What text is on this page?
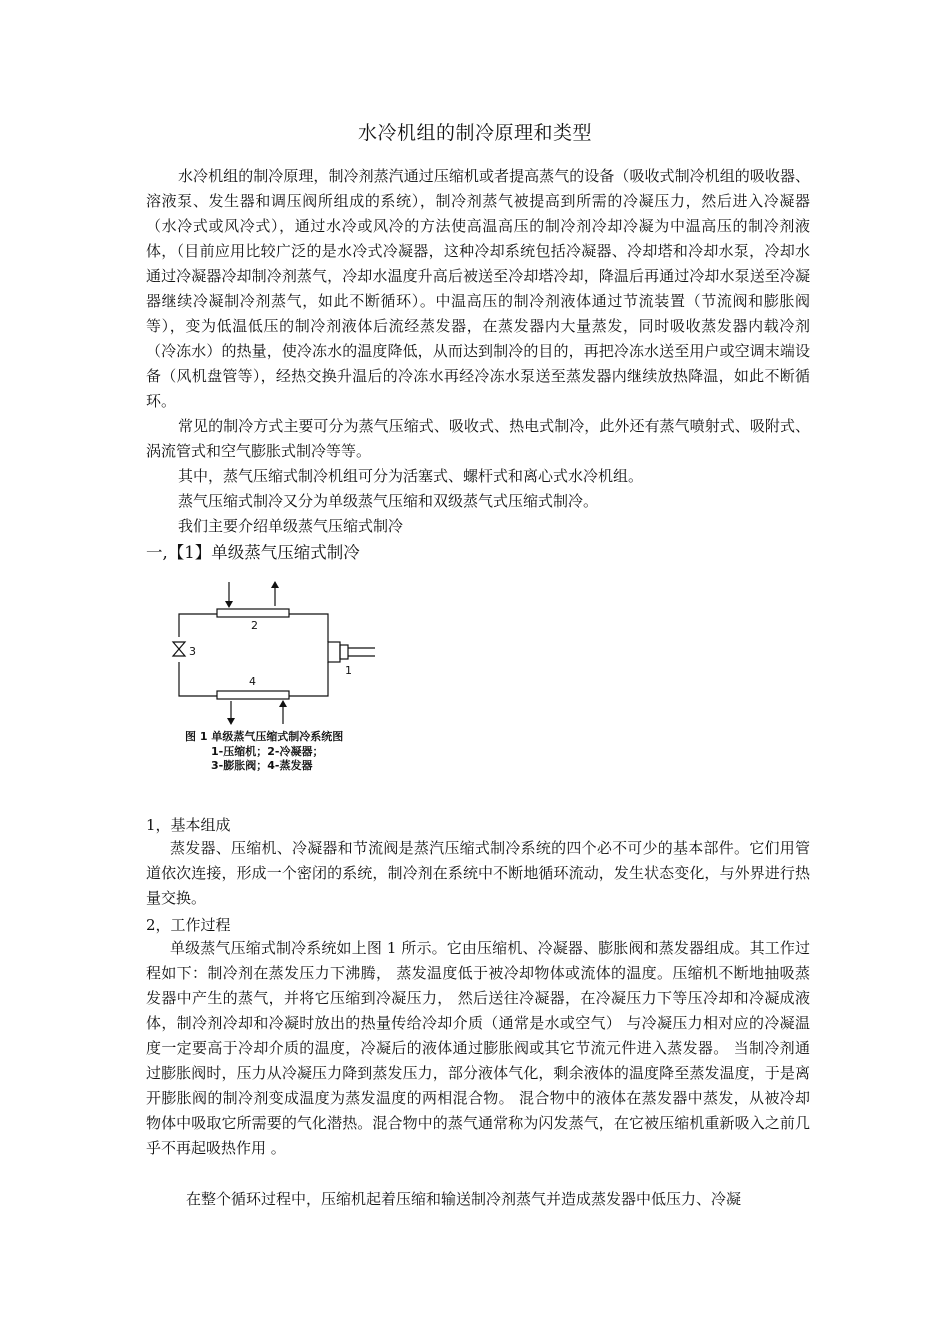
水冷机组的制冷原理和类型

水冷机组的制冷原理，制冷剂蒸汽通过压缩机或者提高蒸气的设备（吸收式制冷机组的吸收器、溶液泵、发生器和调压阀所组成的系统），制冷剂蒸气被提高到所需的冷凝压力，然后进入冷凝器（水冷式或风冷式），通过水冷或风冷的方法使高温高压的制冷剂冷却冷凝为中温高压的制冷剂液体，（目前应用比较广泛的是水冷式冷凝器，这种冷却系统包括冷凝器、冷却塔和冷却水泵，冷却水通过冷凝器冷却制冷剂蒸气，冷却水温度升高后被送至冷却塔冷却，降温后再通过冷却水泵送至冷凝器继续冷凝制冷剂蒸气，如此不断循环）。中温高压的制冷剂液体通过节流装置（节流阀和膨胀阀等），变为低温低压的制冷剂液体后流经蒸发器，在蒸发器内大量蒸发，同时吸收蒸发器内载冷剂（冷冻水）的热量，使冷冻水的温度降低，从而达到制冷的目的，再把冷冻水送至用户或空调末端设备（风机盘管等），经热交换升温后的冷冻水再经冷冻水泵送至蒸发器内继续放热降温，如此不断循环。

常见的制冷方式主要可分为蒸气压缩式、吸收式、热电式制冷，此外还有蒸气喷射式、吸附式、涡流管式和空气膨胀式制冷等等。

其中，蒸气压缩式制冷机组可分为活塞式、螺杆式和离心式水冷机组。

蒸气压缩式制冷又分为单级蒸气压缩和双级蒸气式压缩式制冷。

我们主要介绍单级蒸气压缩式制冷

一,【1】单级蒸气压缩式制冷
2
4
1
3
图 1 单级蒸气压缩式制冷系统图
1-压缩机；2-冷凝器；
3-膨胀阀；4-蒸发器
1，基本组成

蒸发器、压缩机、冷凝器和节流阀是蒸汽压缩式制冷系统的四个必不可少的基本部件。它们用管道依次连接，形成一个密闭的系统，制冷剂在系统中不断地循环流动，发生状态变化，与外界进行热量交换。

2，工作过程

单级蒸气压缩式制冷系统如上图 1 所示。它由压缩机、冷凝器、膨胀阀和蒸发器组成。其工作过程如下：制冷剂在蒸发压力下沸腾， 蒸发温度低于被冷却物体或流体的温度。压缩机不断地抽吸蒸发器中产生的蒸气，并将它压缩到冷凝压力， 然后送往冷凝器，在冷凝压力下等压冷却和冷凝成液体，制冷剂冷却和冷凝时放出的热量传给冷却介质（通常是水或空气） 与冷凝压力相对应的冷凝温度一定要高于冷却介质的温度，冷凝后的液体通过膨胀阀或其它节流元件进入蒸发器。 当制冷剂通过膨胀阀时，压力从冷凝压力降到蒸发压力，部分液体气化，剩余液体的温度降至蒸发温度，于是离开膨胀阀的制冷剂变成温度为蒸发温度的两相混合物。 混合物中的液体在蒸发器中蒸发，从被冷却物体中吸取它所需要的气化潜热。混合物中的蒸气通常称为闪发蒸气，在它被压缩机重新吸入之前几乎不再起吸热作用 。

在整个循环过程中，压缩机起着压缩和输送制冷剂蒸气并造成蒸发器中低压力、冷凝
